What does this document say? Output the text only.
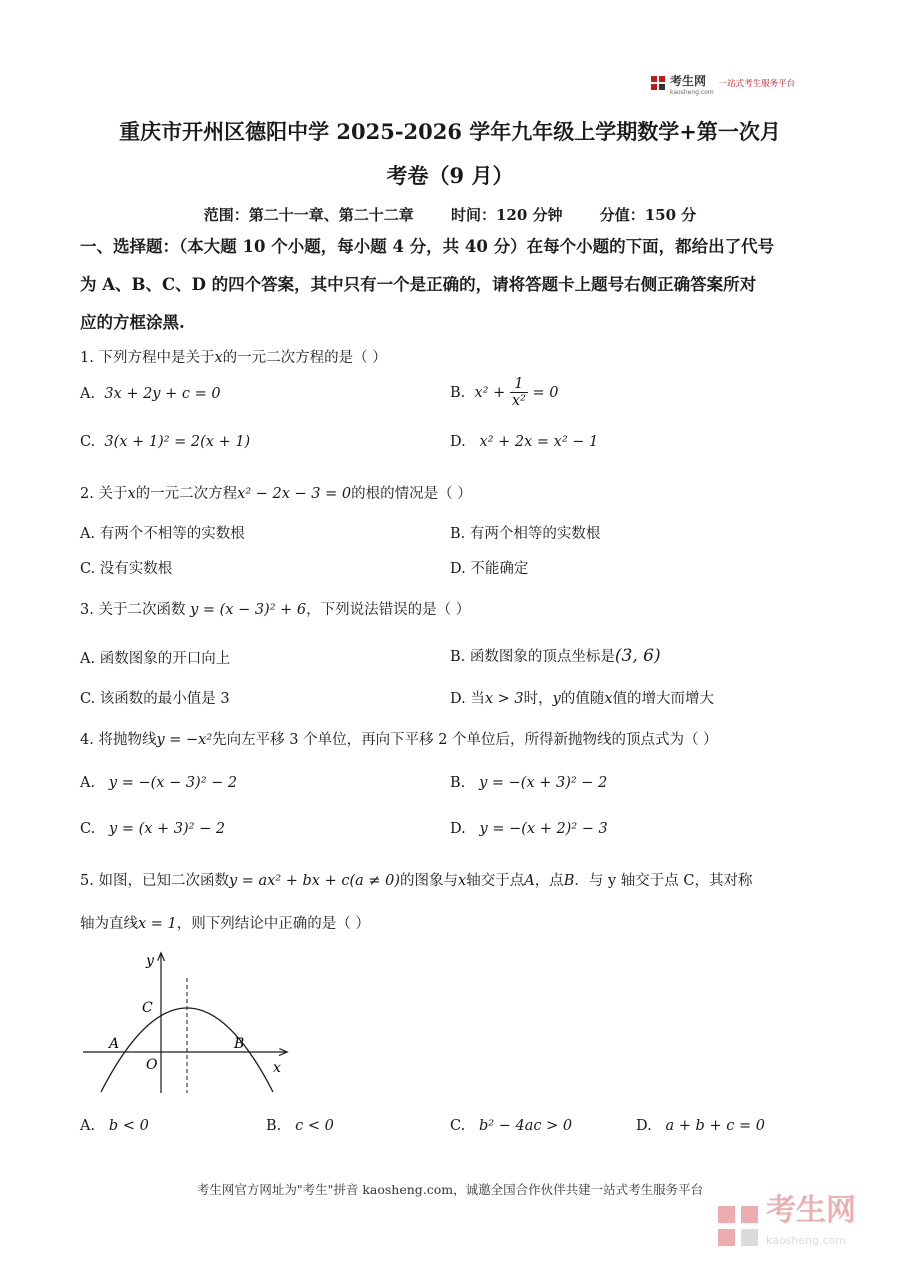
考生网
kaosheng.com
一站式考生服务平台
重庆市开州区德阳中学 2025-2026 学年九年级上学期数学+第一次月
考卷（9 月）
范围：第二十一章、第二十二章 时间：120 分钟 分值：150 分
一、选择题：（本大题 10 个小题，每小题 4 分，共 40 分）在每个小题的下面，都给出了代号
为 A、B、C、D 的四个答案，其中只有一个是正确的，请将答题卡上题号右侧正确答案所对
应的方框涂黑.
1. 下列方程中是关于x的一元二次方程的是（ ）
A. 3x + 2y + c = 0	B.
x² +
$\frac{1}{\text{x²}}$
= 0
C. 3(x + 1)² = 2(x + 1)	D. x² + 2x = x² − 1
2. 关于x的一元二次方程x² − 2x − 3 = 0的根的情况是（ ）
A. 有两个不相等的实数根	B. 有两个相等的实数根
C. 没有实数根	D. 不能确定
3. 关于二次函数 y = (x − 3)² + 6，下列说法错误的是（ ）
A. 函数图象的开口向上	B. 函数图象的顶点坐标是(3, 6)
C. 该函数的最小值是 3	D. 当x > 3时，y的值随x值的增大而增大
4. 将抛物线y = −x²先向左平移 3 个单位，再向下平移 2 个单位后，所得新抛物线的顶点式为（ ）
A. y = −(x − 3)² − 2	B. y = −(x + 3)² − 2
C. y = (x + 3)² − 2	D. y = −(x + 2)² − 3
5. 如图，已知二次函数y = ax² + bx + c(a ≠ 0)的图象与x轴交于点A，点B．与 y 轴交于点 C，其对称
轴为直线x = 1，则下列结论中正确的是（ ）
y
x
C
A	B
O
A. b < 0	B. c < 0	C. b² − 4ac > 0	D. a + b + c = 0
考生网官方网址为"考生"拼音 kaosheng.com，诚邀全国合作伙伴共建一站式考生服务平台
考生网
kaosheng.com
